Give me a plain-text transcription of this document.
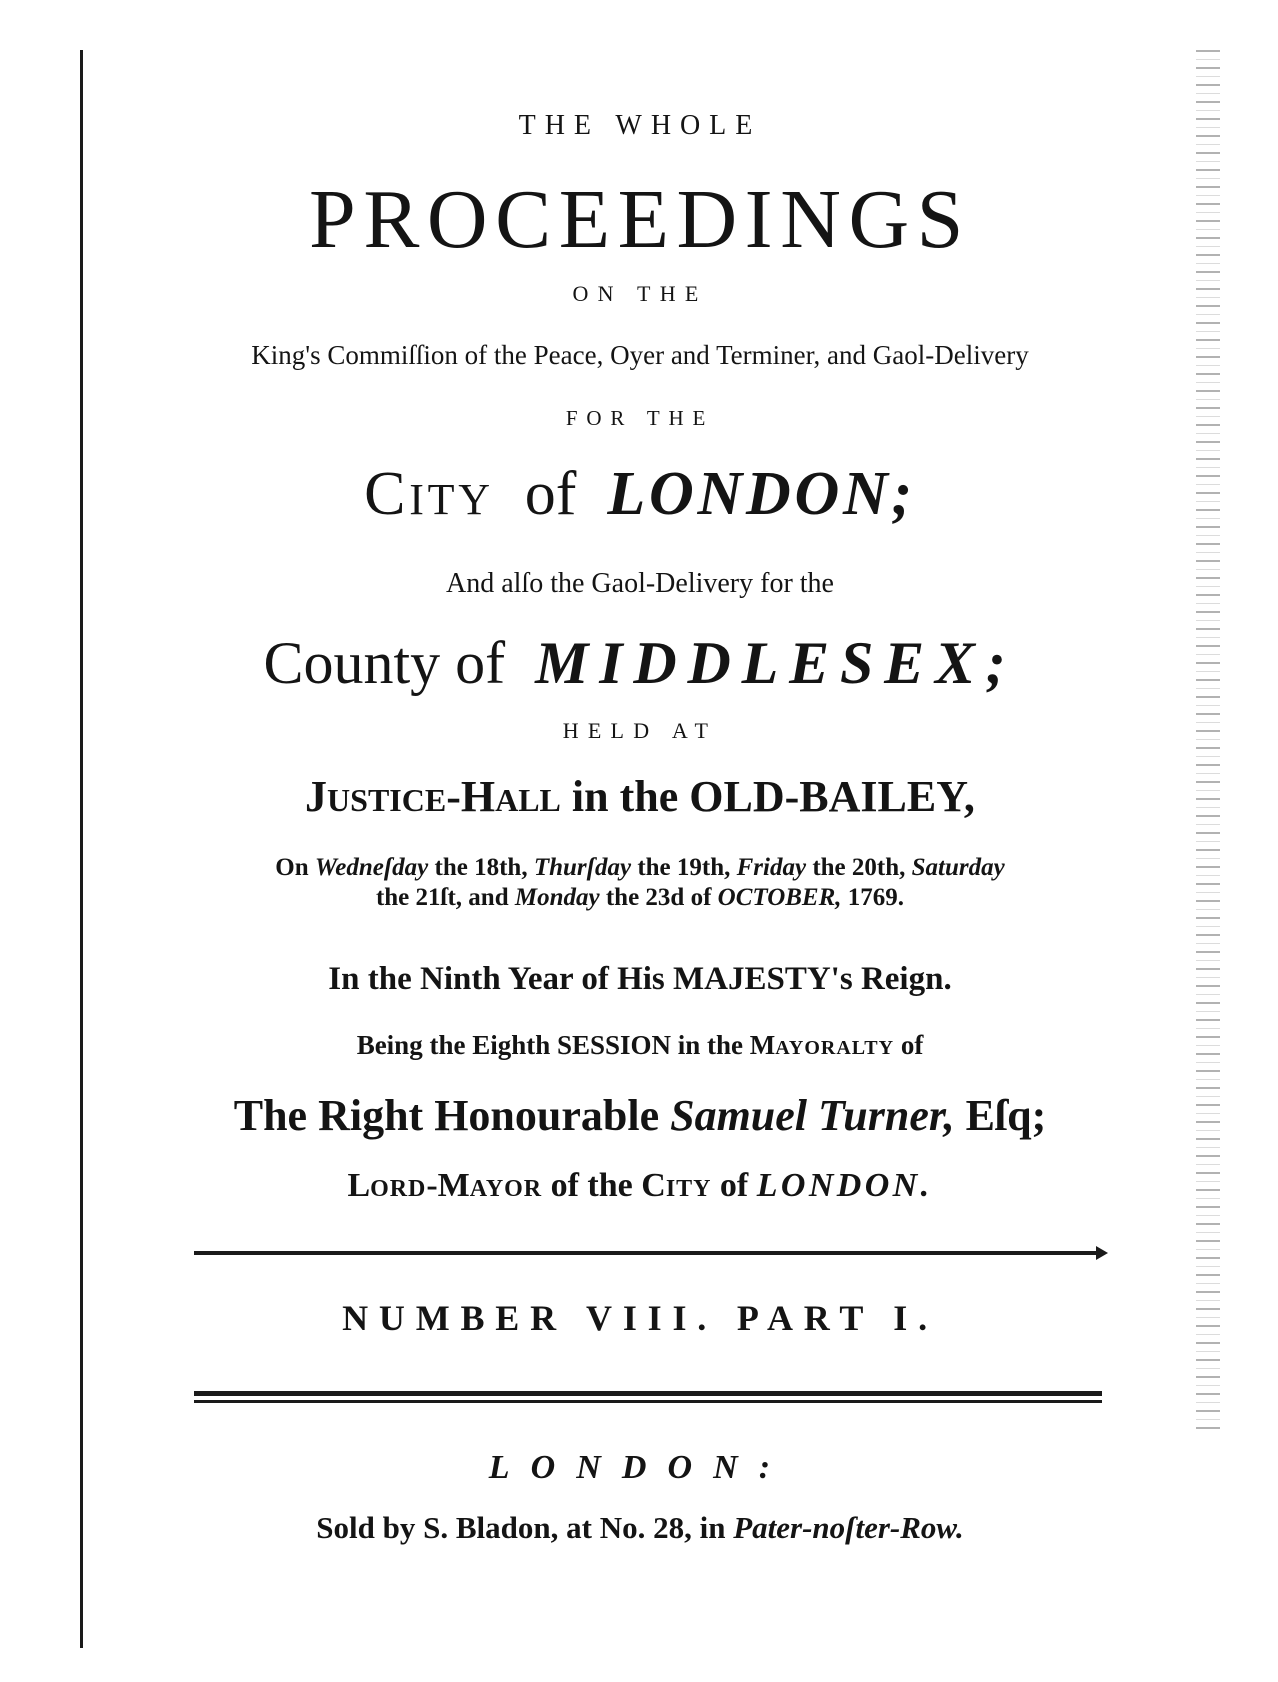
THE WHOLE
PROCEEDINGS
ON THE
King's Commiſſion of the Peace, Oyer and Terminer, and Gaol-Delivery
FOR THE
CITY of LONDON;
And alſo the Gaol-Delivery for the
County of MIDDLESEX;
HELD AT
JUSTICE-HALL in the OLD-BAILEY,
On Wedneſday the 18th, Thurſday the 19th, Friday the 20th, Saturday
the 21ſt, and Monday the 23d of OCTOBER, 1769.
In the Ninth Year of His MAJESTY's Reign.
Being the Eighth SESSION in the MAYORALTY of
The Right Honourable Samuel Turner, Eſq;
LORD-MAYOR of the CITY of LONDON.
NUMBER VIII. PART I.
LONDON:
Sold by S. Bladon, at No. 28, in Pater-noſter-Row.
